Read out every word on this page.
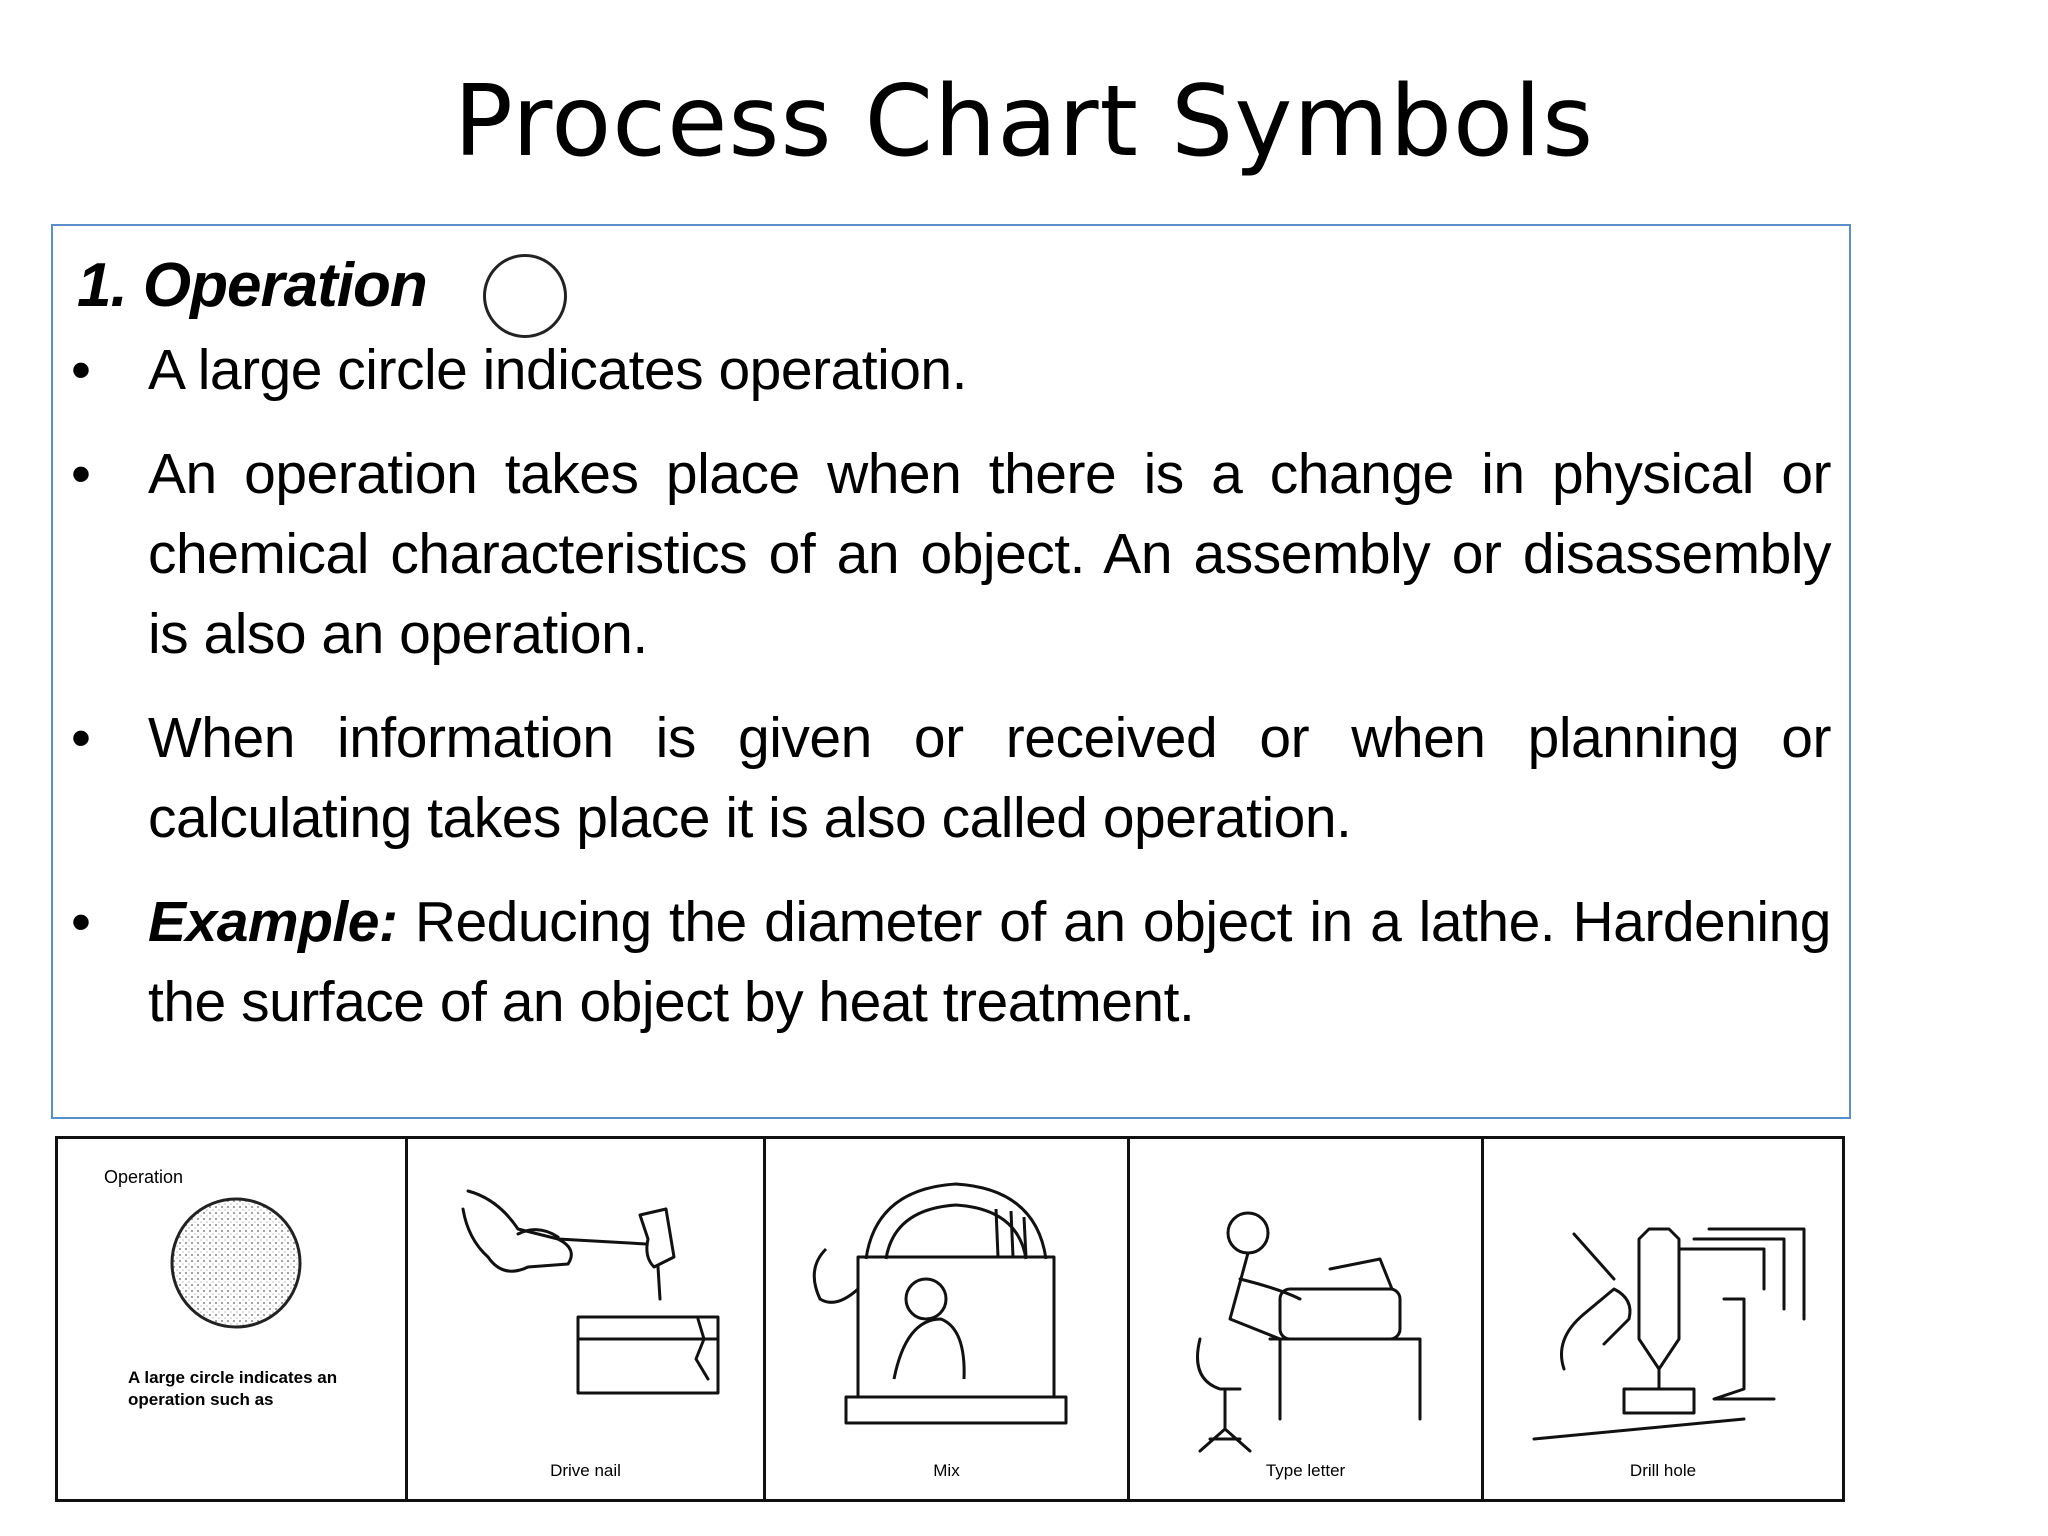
Process Chart Symbols
1. Operation
• A large circle indicates operation.
• An operation takes place when there is a change in physical or chemical characteristics of an object. An assembly or disassembly is also an operation.
• When information is given or received or when planning or calculating takes place it is also called operation.
• Example: Reducing the diameter of an object in a lathe. Hardening the surface of an object by heat treatment.
Operation
A large circle indicates an operation such as
Drive nail	Mix	Type letter	Drill hole
